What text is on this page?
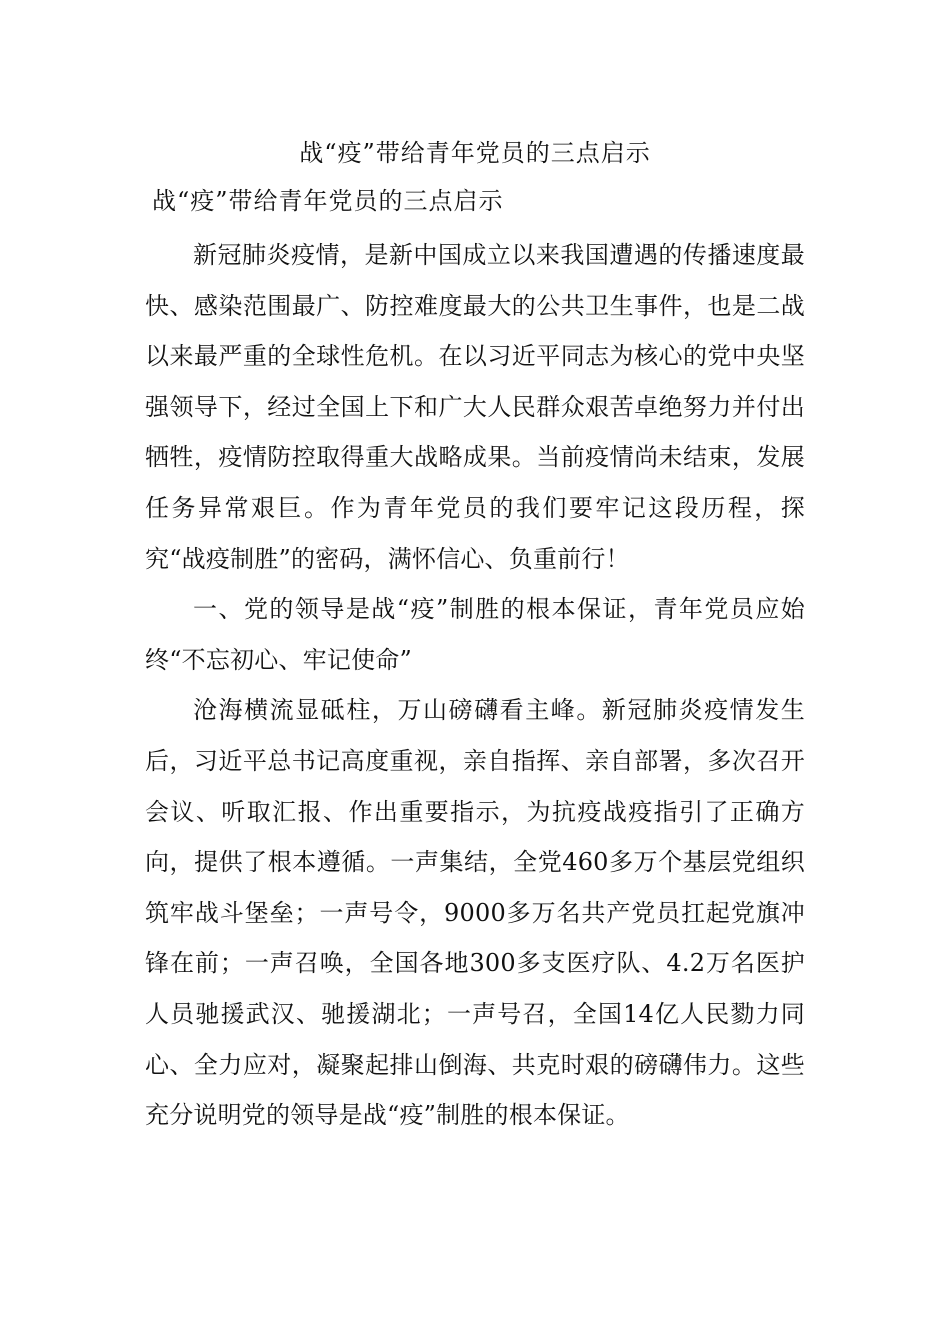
战“疫”带给青年党员的三点启示
战“疫”带给青年党员的三点启示

新冠肺炎疫情，是新中国成立以来我国遭遇的传播速度最快、感染范围最广、防控难度最大的公共卫生事件，也是二战以来最严重的全球性危机。在以习近平同志为核心的党中央坚强领导下，经过全国上下和广大人民群众艰苦卓绝努力并付出牺牲，疫情防控取得重大战略成果。当前疫情尚未结束，发展任务异常艰巨。作为青年党员的我们要牢记这段历程，探究“战疫制胜”的密码，满怀信心、负重前行！

一、党的领导是战“疫”制胜的根本保证，青年党员应始终“不忘初心、牢记使命”

沧海横流显砥柱，万山磅礴看主峰。新冠肺炎疫情发生后，习近平总书记高度重视，亲自指挥、亲自部署，多次召开会议、听取汇报、作出重要指示，为抗疫战疫指引了正确方向，提供了根本遵循。一声集结，全党460多万个基层党组织筑牢战斗堡垒；一声号令，9000多万名共产党员扛起党旗冲锋在前；一声召唤，全国各地300多支医疗队、4.2万名医护人员驰援武汉、驰援湖北；一声号召，全国14亿人民勠力同心、全力应对，凝聚起排山倒海、共克时艰的磅礴伟力。这些充分说明党的领导是战“疫”制胜的根本保证。
